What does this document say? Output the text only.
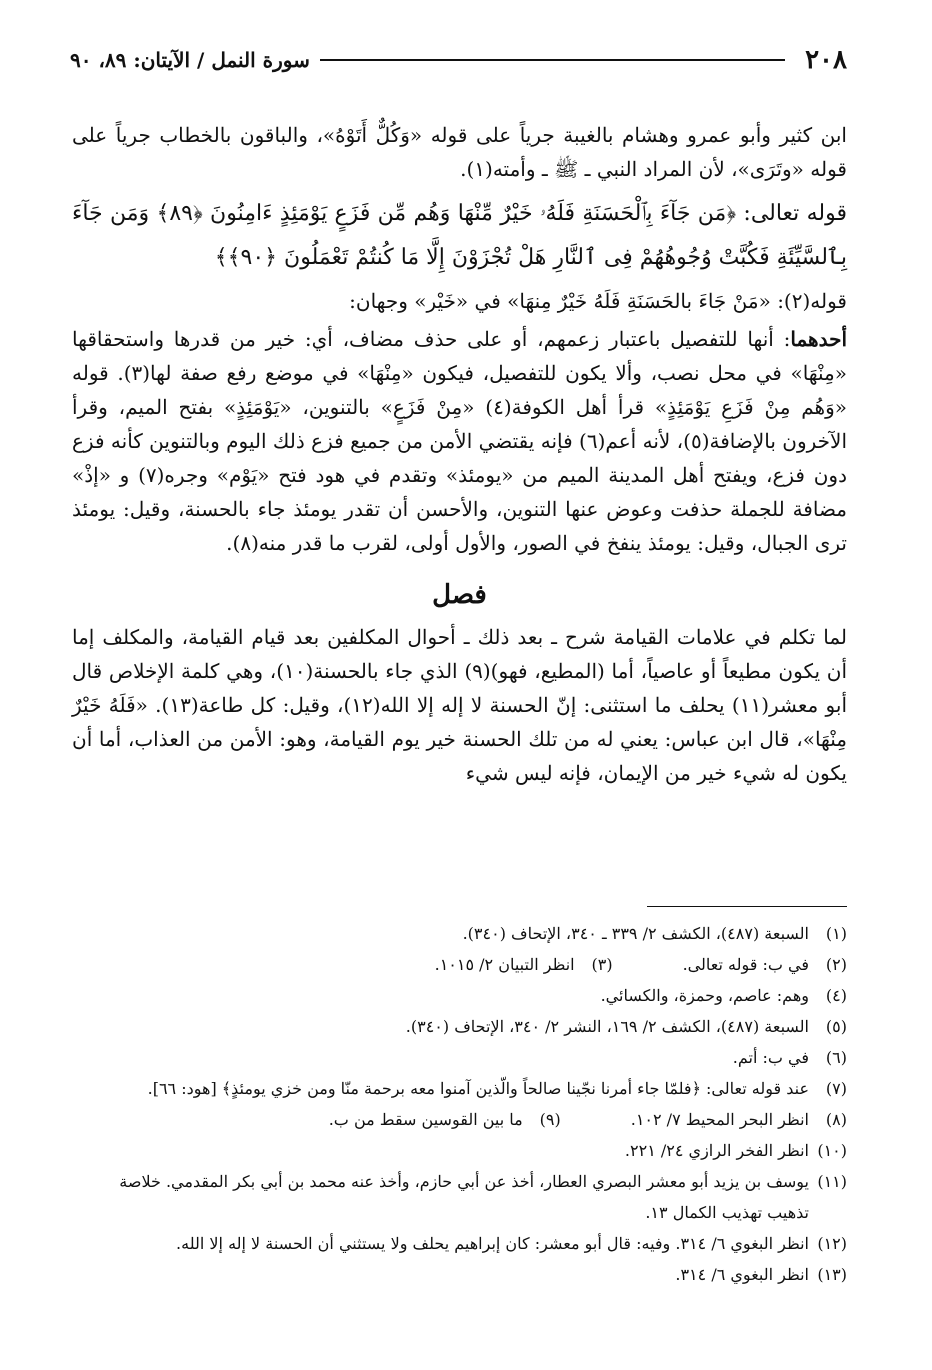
٢٠٨
سورة النمل / الآيتان: ٨٩، ٩٠

ابن كثير وأبو عمرو وهشام بالغيبة جرياً على قوله «وَكُلٌّ أَتَوْهُ»، والباقون بالخطاب جرياً على قوله «وتَرَى»، لأن المراد النبي ـ ﷺ ـ وأمته(١).

قوله تعالى: ﴿مَن جَآءَ بِٱلْحَسَنَةِ فَلَهُۥ خَيْرٌ مِّنْهَا وَهُم مِّن فَزَعٍ يَوْمَئِذٍ ءَامِنُونَ ﴿٨٩﴾ وَمَن جَآءَ بِٱلسَّيِّئَةِ فَكُبَّتْ وُجُوهُهُمْ فِى ٱلنَّارِ هَلْ تُجْزَوْنَ إِلَّا مَا كُنتُمْ تَعْمَلُونَ ﴿٩٠﴾﴾

قوله(٢): «مَنْ جَاءَ بالحَسَنَةِ فَلَهُ خَيْرٌ مِنهَا» في «خَيْر» وجهان:

أحدهما: أنها للتفصيل باعتبار زعمهم، أو على حذف مضاف، أي: خير من قدرها واستحقاقها «مِنْهَا» في محل نصب، وألا يكون للتفصيل، فيكون «مِنْهَا» في موضع رفع صفة لها(٣). قوله «وَهُم مِنْ فَزَعِ يَوْمَئِذٍ» قرأ أهل الكوفة(٤) «مِنْ فَزَعٍ» بالتنوين، «يَوْمَئِذٍ» بفتح الميم، وقرأ الآخرون بالإضافة(٥)، لأنه أعم(٦) فإنه يقتضي الأمن من جميع فزع ذلك اليوم وبالتنوين كأنه فزع دون فزع، ويفتح أهل المدينة الميم من «يومئذ» وتقدم في هود فتح «يَوْم» وجره(٧) و «إذْ» مضافة للجملة حذفت وعوض عنها التنوين، والأحسن أن تقدر يومئذ جاء بالحسنة، وقيل: يومئذ ترى الجبال، وقيل: يومئذ ينفخ في الصور، والأول أولى، لقرب ما قدر منه(٨).

فصل

لما تكلم في علامات القيامة شرح ـ بعد ذلك ـ أحوال المكلفين بعد قيام القيامة، والمكلف إما أن يكون مطيعاً أو عاصياً، أما (المطيع، فهو)(٩) الذي جاء بالحسنة(١٠)، وهي كلمة الإخلاص قال أبو معشر(١١) يحلف ما استثنى: إنّ الحسنة لا إله إلا الله(١٢)، وقيل: كل طاعة(١٣). «فَلَهُ خَيْرٌ مِنْهَا»، قال ابن عباس: يعني له من تلك الحسنة خير يوم القيامة، وهو: الأمن من العذاب، أما أن يكون له شيء خير من الإيمان، فإنه ليس شيء

(١)
السبعة (٤٨٧)، الكشف ٢/ ٣٣٩ ـ ٣٤٠، الإتحاف (٣٤٠).
(٢)
في ب: قوله تعالى.
(٣)
انظر التبيان ٢/ ١٠١٥.
(٤)
وهم: عاصم، وحمزة، والكسائي.
(٥)
السبعة (٤٨٧)، الكشف ٢/ ١٦٩، النشر ٢/ ٣٤٠، الإتحاف (٣٤٠).
(٦)
في ب: أتم.
(٧)
عند قوله تعالى: ﴿فلمّا جاء أمرنا نجّينا صالحاً والّذين آمنوا معه برحمة منّا ومن خزي يومئذٍ﴾ [هود: ٦٦].
(٨)
انظر البحر المحيط ٧/ ١٠٢.
(٩)
ما بين القوسين سقط من ب.
(١٠)
انظر الفخر الرازي ٢٤/ ٢٢١.
(١١)
يوسف بن يزيد أبو معشر البصري العطار، أخذ عن أبي حازم، وأخذ عنه محمد بن أبي بكر المقدمي. خلاصة تذهيب تهذيب الكمال ١٣.
(١٢)
انظر البغوي ٦/ ٣١٤. وفيه: قال أبو معشر: كان إبراهيم يحلف ولا يستثني أن الحسنة لا إله إلا الله.
(١٣)
انظر البغوي ٦/ ٣١٤.
